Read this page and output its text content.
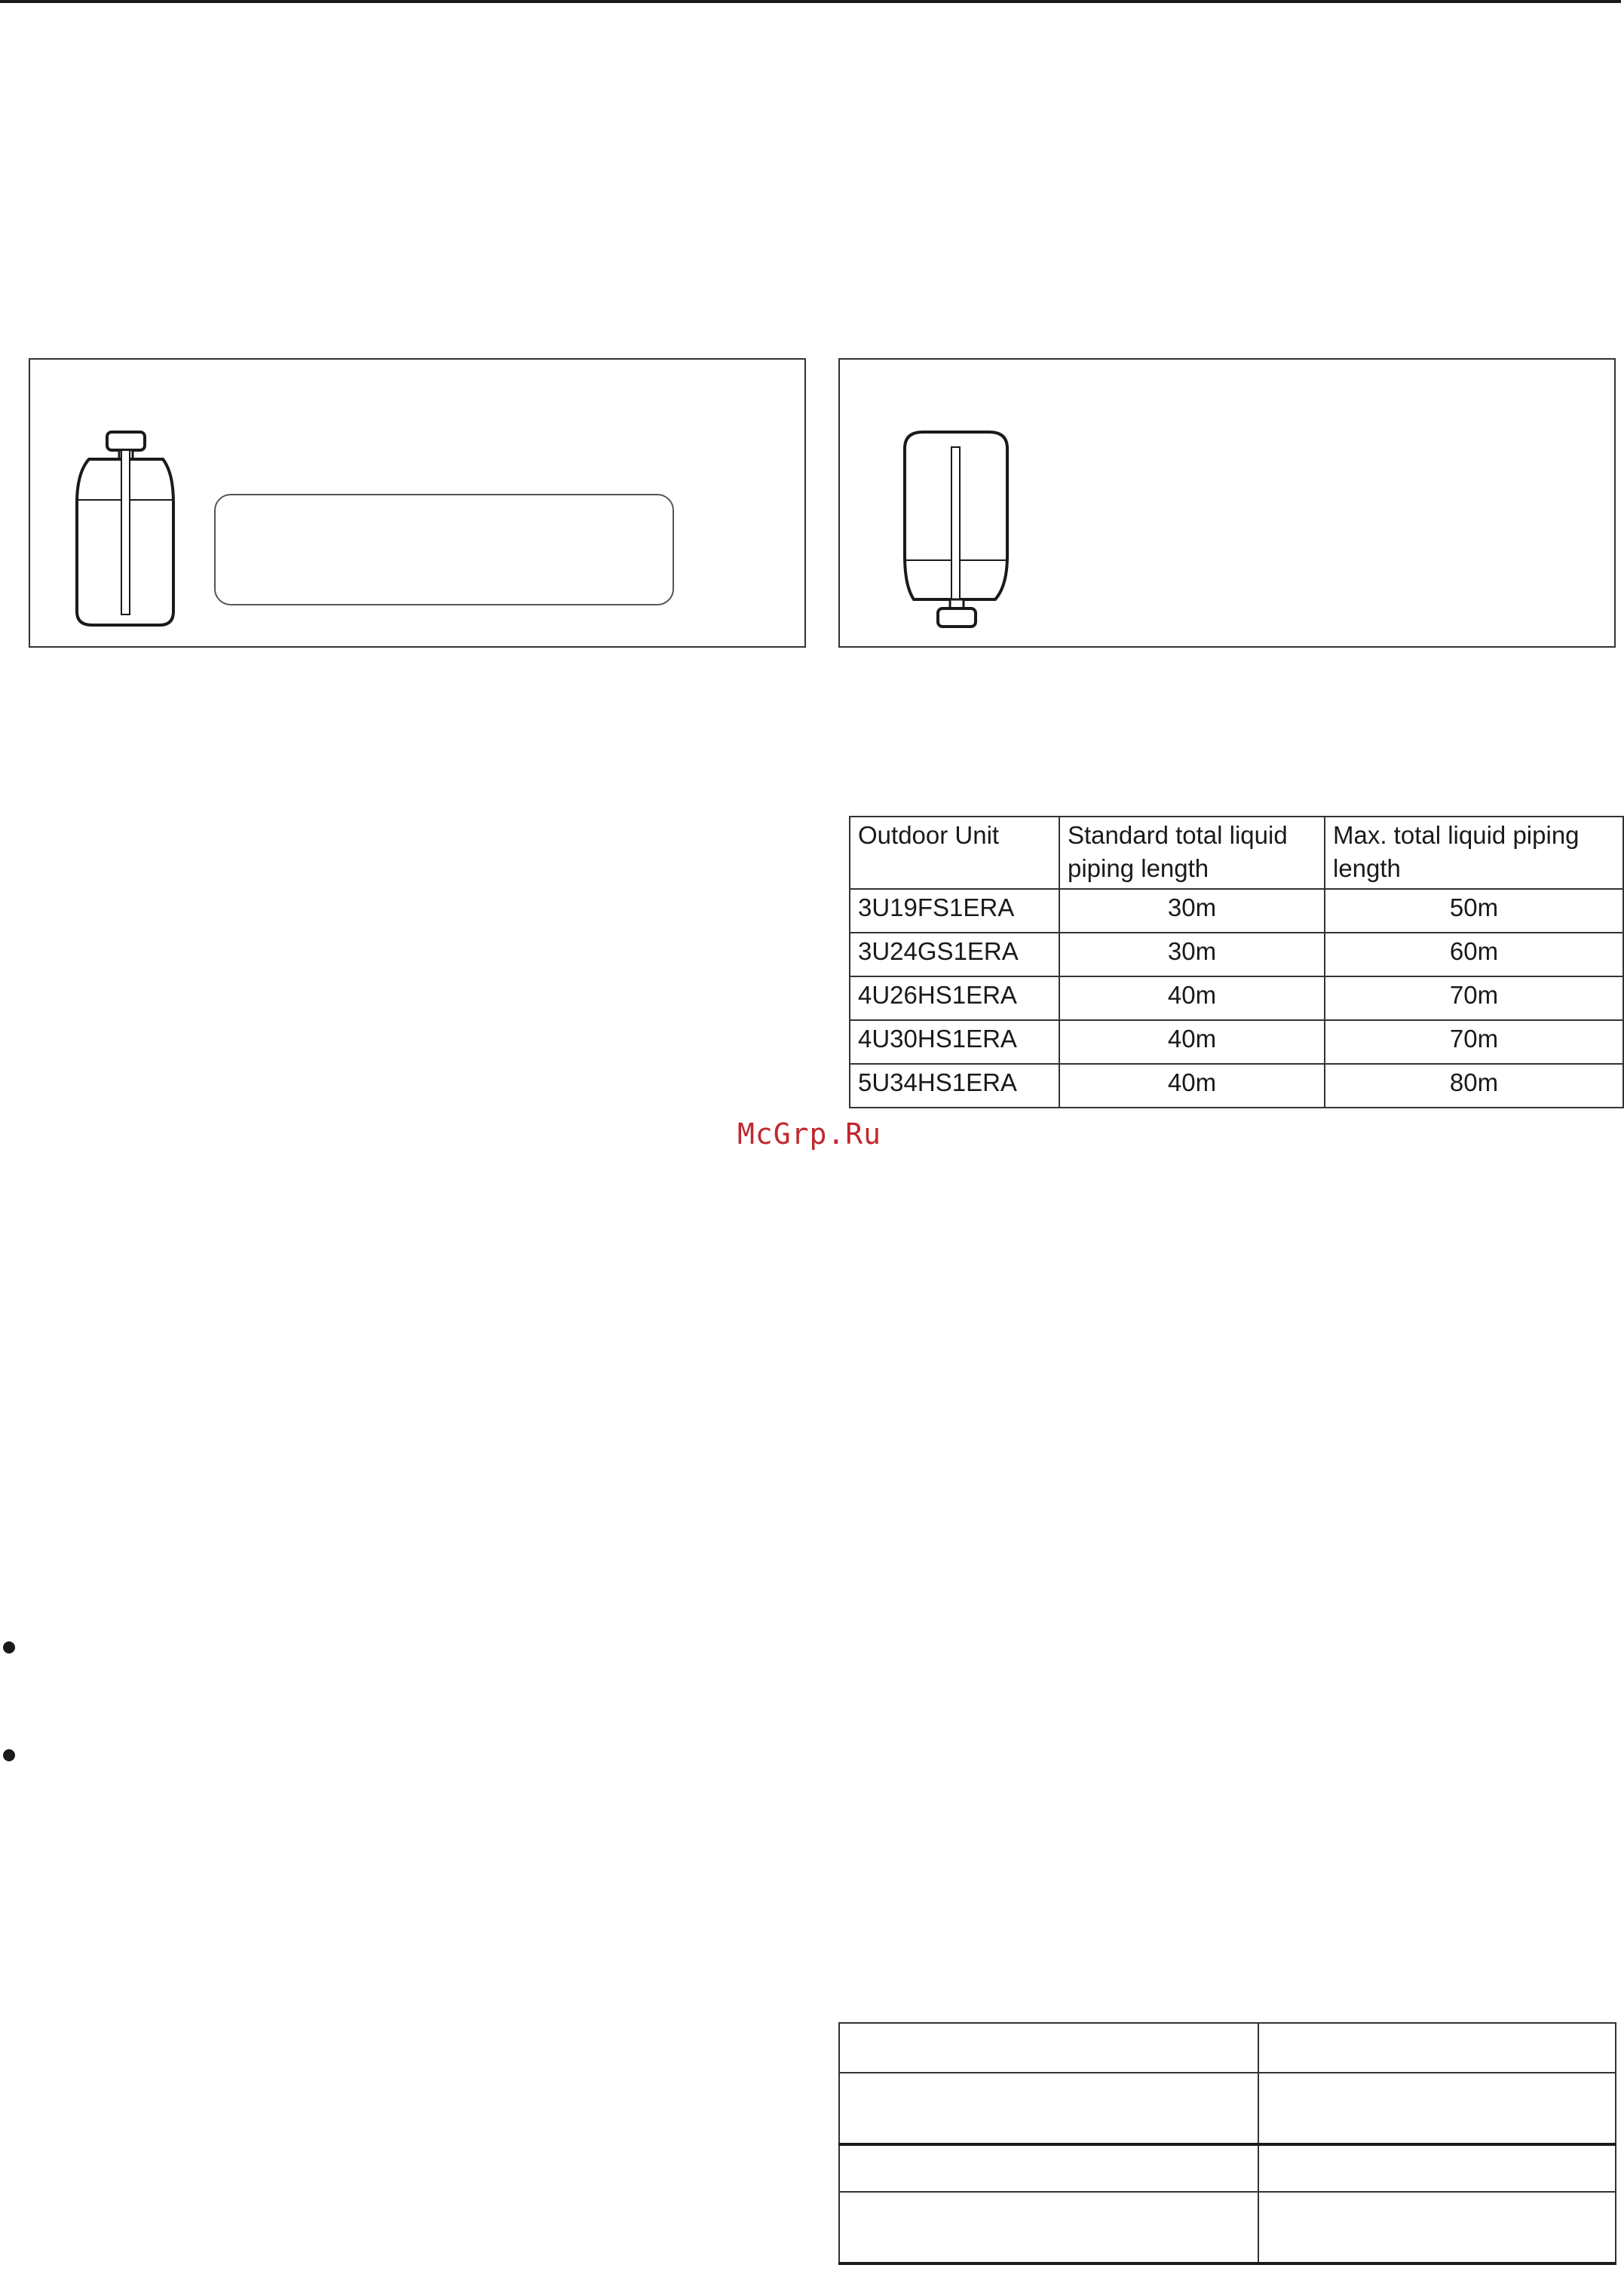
Outdoor Unit	Standard total liquid piping length	Max. total liquid piping length
3U19FS1ERA	30m	50m
3U24GS1ERA	30m	60m
4U26HS1ERA	40m	70m
4U30HS1ERA	40m	70m
5U34HS1ERA	40m	80m
McGrp.Ru
